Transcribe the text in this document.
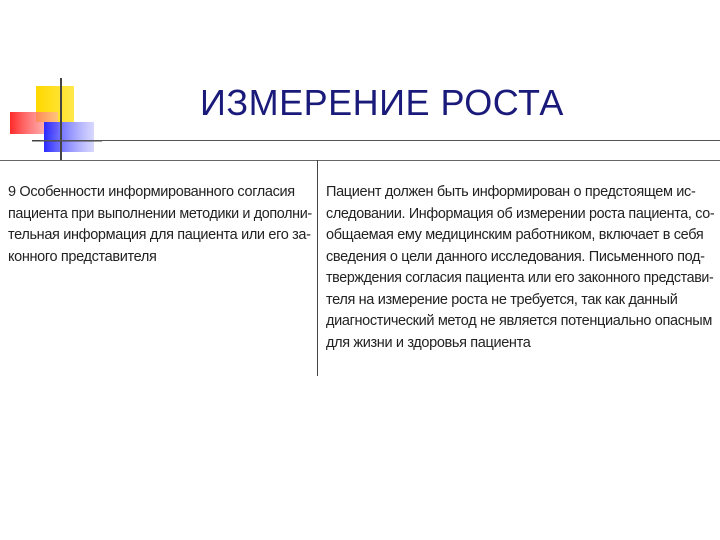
ИЗМЕРЕНИЕ РОСТА
9 Особенности информированного согласия
пациента при выполнении методики и дополни-
тельная информация для пациента или его за-
конного представителя
Пациент должен быть информирован о предстоящем ис-
следовании. Информация об измерении роста пациента, со-
общаемая ему медицинским работником, включает в себя
сведения о цели данного исследования. Письменного под-
тверждения согласия пациента или его законного представи-
теля на измерение роста не требуется, так как данный
диагностический метод не является потенциально опасным
для жизни и здоровья пациента
